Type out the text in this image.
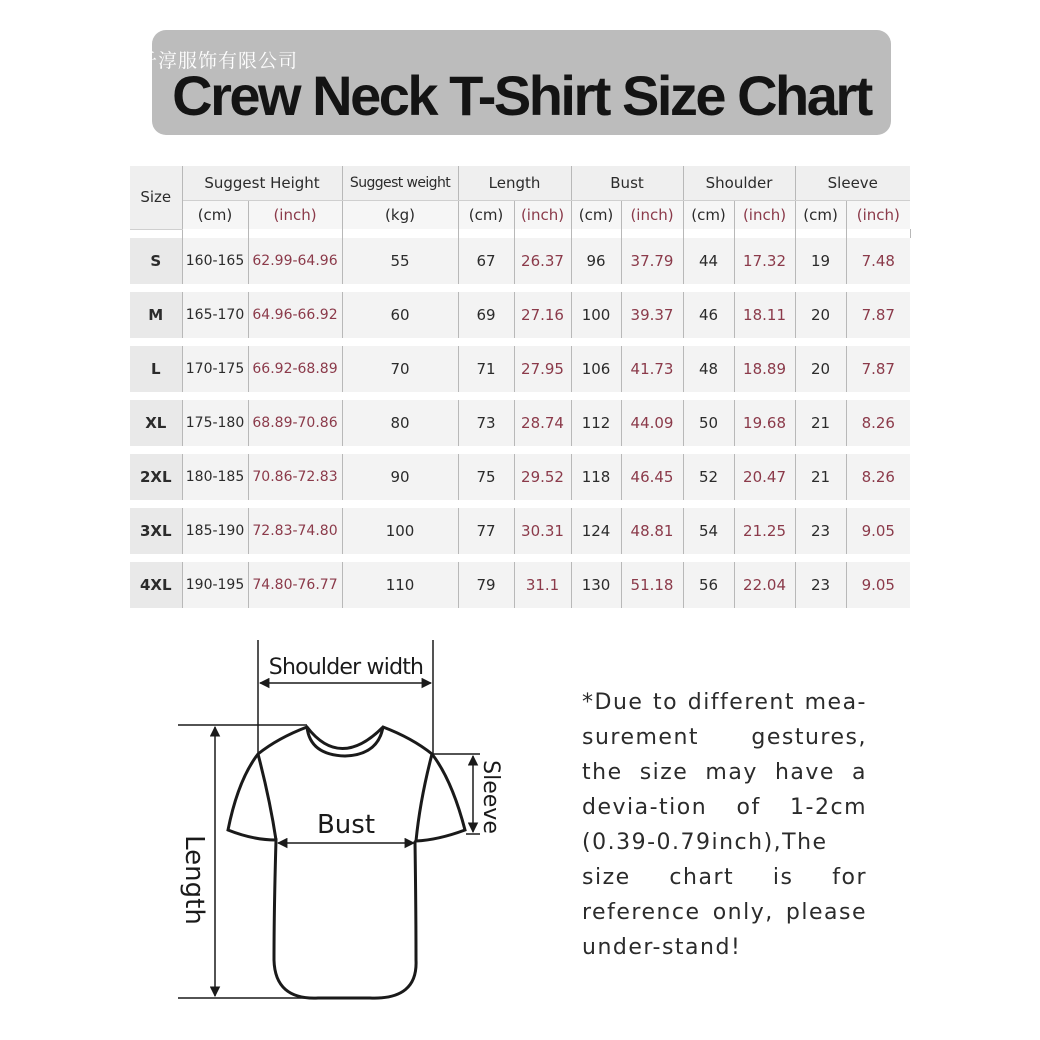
Crew Neck T-Shirt Size Chart
千淳服饰有限公司
Size	Suggest Height		Suggest weight	Length		Bust		Shoulder		Sleeve	
	(cm)	(inch)	(kg)	(cm)	(inch)	(cm)	(inch)	(cm)	(inch)	(cm)	(inch)

S	160-165	62.99-64.96	55	67	26.37	96	37.79	44	17.32	19	7.48
M	165-170	64.96-66.92	60	69	27.16	100	39.37	46	18.11	20	7.87
L	170-175	66.92-68.89	70	71	27.95	106	41.73	48	18.89	20	7.87
XL	175-180	68.89-70.86	80	73	28.74	112	44.09	50	19.68	21	8.26
2XL	180-185	70.86-72.83	90	75	29.52	118	46.45	52	20.47	21	8.26
3XL	185-190	72.83-74.80	100	77	30.31	124	48.81	54	21.25	23	9.05
4XL	190-195	74.80-76.77	110	79	31.1	130	51.18	56	22.04	23	9.05
Shoulder width
Bust
Length
Sleeve
*Due to different mea-surement gestures, the size may have a devia-tion of 1-2cm (0.39-0.79inch),The size chart is for reference only, please under-stand!
